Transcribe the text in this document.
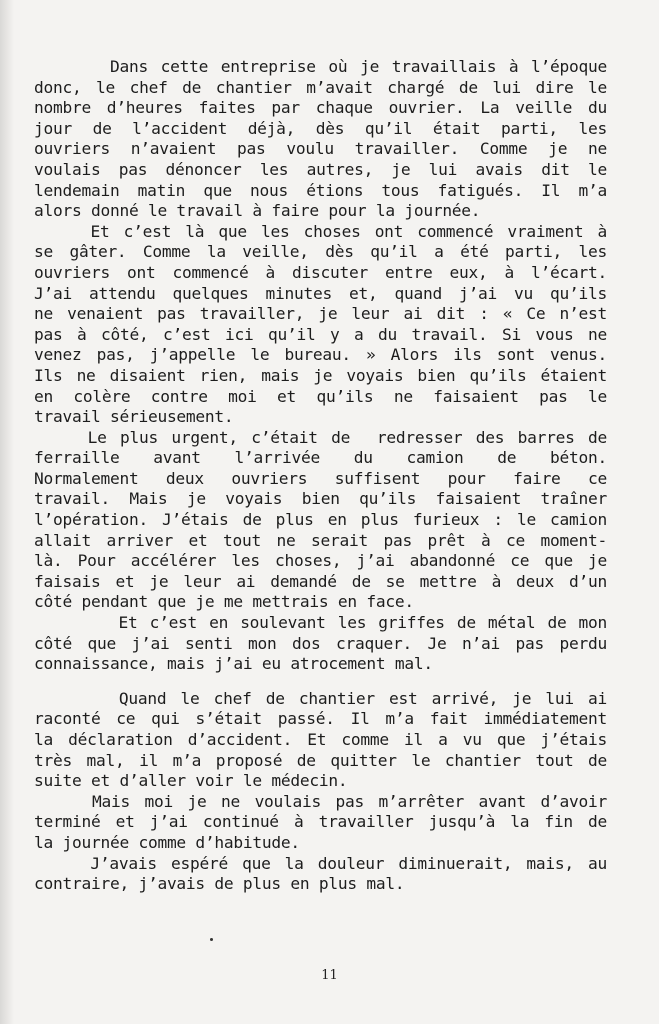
Dans cette entreprise où je travaillais à l’époque
donc, le chef de chantier m’avait chargé de lui dire le
nombre d’heures faites par chaque ouvrier. La veille du
jour de l’accident déjà, dès qu’il était parti, les
ouvriers n’avaient pas voulu travailler. Comme je ne
voulais pas dénoncer les autres, je lui avais dit le
lendemain matin que nous étions tous fatigués. Il m’a
alors donné le travail à faire pour la journée.
Et c’est là que les choses ont commencé vraiment à
se gâter. Comme la veille, dès qu’il a été parti, les
ouvriers ont commencé à discuter entre eux, à l’écart.
J’ai attendu quelques minutes et, quand j’ai vu qu’ils
ne venaient pas travailler, je leur ai dit : « Ce n’est
pas à côté, c’est ici qu’il y a du travail. Si vous ne
venez pas, j’appelle le bureau. » Alors ils sont venus.
Ils ne disaient rien, mais je voyais bien qu’ils étaient
en colère contre moi et qu’ils ne faisaient pas le
travail sérieusement.
Le plus urgent, c’était de  redresser des barres de
ferraille avant l’arrivée du camion de béton.
Normalement deux ouvriers suffisent pour faire ce
travail. Mais je voyais bien qu’ils faisaient traîner
l’opération. J’étais de plus en plus furieux : le camion
allait arriver et tout ne serait pas prêt à ce moment-
là. Pour accélérer les choses, j’ai abandonné ce que je
faisais et je leur ai demandé de se mettre à deux d’un
côté pendant que je me mettrais en face.
Et c’est en soulevant les griffes de métal de mon
côté que j’ai senti mon dos craquer. Je n’ai pas perdu
connaissance, mais j’ai eu atrocement mal.
Quand le chef de chantier est arrivé, je lui ai
raconté ce qui s’était passé. Il m’a fait immédiatement
la déclaration d’accident. Et comme il a vu que j’étais
très mal, il m’a proposé de quitter le chantier tout de
suite et d’aller voir le médecin.
Mais moi je ne voulais pas m’arrêter avant d’avoir
terminé et j’ai continué à travailler jusqu’à la fin de
la journée comme d’habitude.
J’avais espéré que la douleur diminuerait, mais, au
contraire, j’avais de plus en plus mal.
11
